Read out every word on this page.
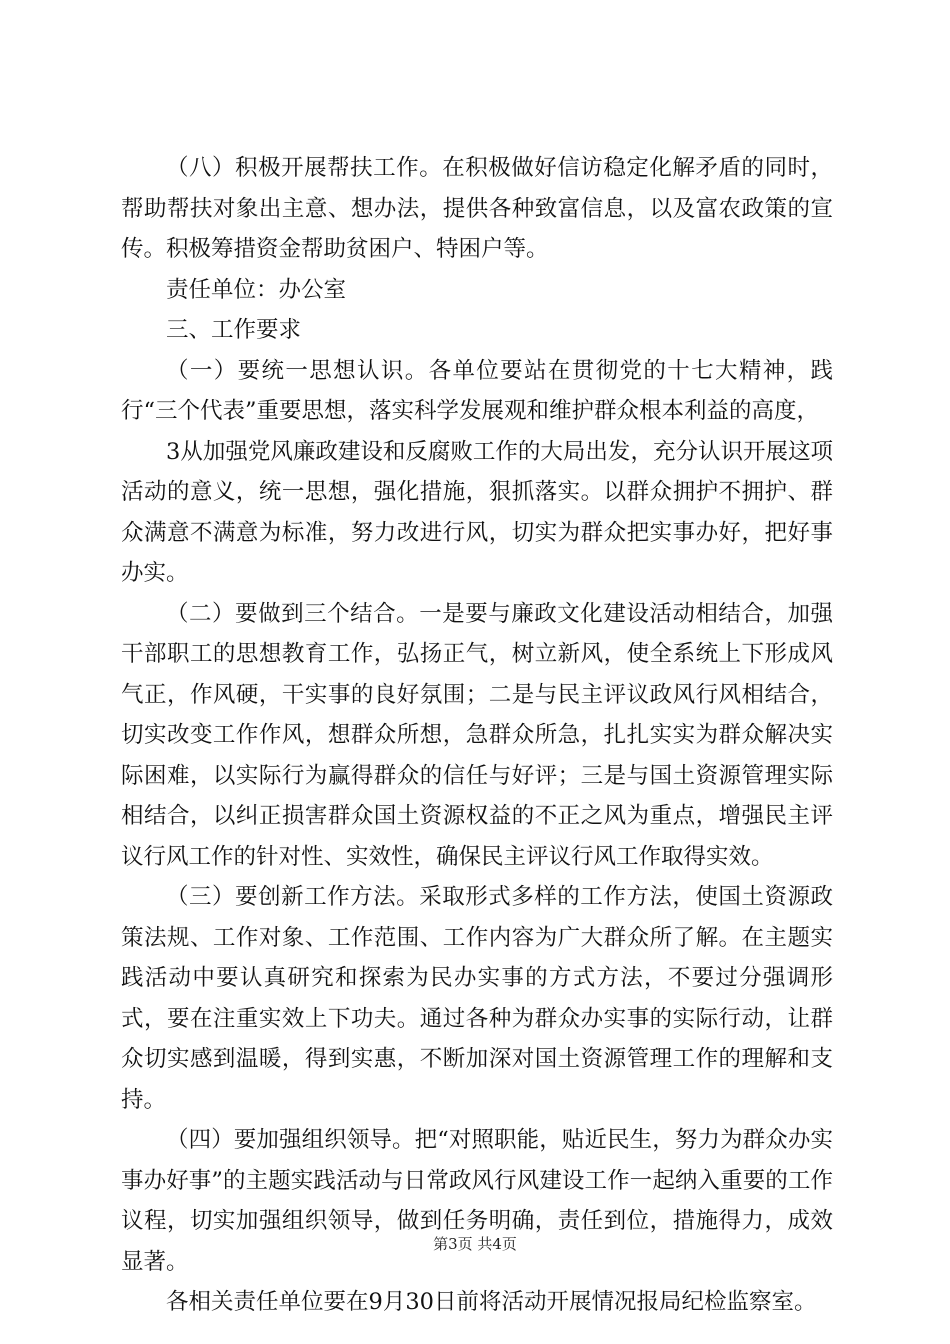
（八）积极开展帮扶工作。在积极做好信访稳定化解矛盾的同时，帮助帮扶对象出主意、想办法，提供各种致富信息，以及富农政策的宣传。积极筹措资金帮助贫困户、特困户等。

责任单位：办公室

三、工作要求

（一）要统一思想认识。各单位要站在贯彻党的十七大精神，践行“三个代表”重要思想，落实科学发展观和维护群众根本利益的高度，

3从加强党风廉政建设和反腐败工作的大局出发，充分认识开展这项活动的意义，统一思想，强化措施，狠抓落实。以群众拥护不拥护、群众满意不满意为标准，努力改进行风，切实为群众把实事办好，把好事办实。

（二）要做到三个结合。一是要与廉政文化建设活动相结合，加强干部职工的思想教育工作，弘扬正气，树立新风，使全系统上下形成风气正，作风硬，干实事的良好氛围；二是与民主评议政风行风相结合，切实改变工作作风，想群众所想，急群众所急，扎扎实实为群众解决实际困难，以实际行为赢得群众的信任与好评；三是与国土资源管理实际相结合，以纠正损害群众国土资源权益的不正之风为重点，增强民主评议行风工作的针对性、实效性，确保民主评议行风工作取得实效。

（三）要创新工作方法。采取形式多样的工作方法，使国土资源政策法规、工作对象、工作范围、工作内容为广大群众所了解。在主题实践活动中要认真研究和探索为民办实事的方式方法，不要过分强调形式，要在注重实效上下功夫。通过各种为群众办实事的实际行动，让群众切实感到温暖，得到实惠，不断加深对国土资源管理工作的理解和支持。

（四）要加强组织领导。把“对照职能，贴近民生，努力为群众办实事办好事”的主题实践活动与日常政风行风建设工作一起纳入重要的工作议程，切实加强组织领导，做到任务明确，责任到位，措施得力，成效显著。

各相关责任单位要在9月30日前将活动开展情况报局纪检监察室。

第3页 共4页
